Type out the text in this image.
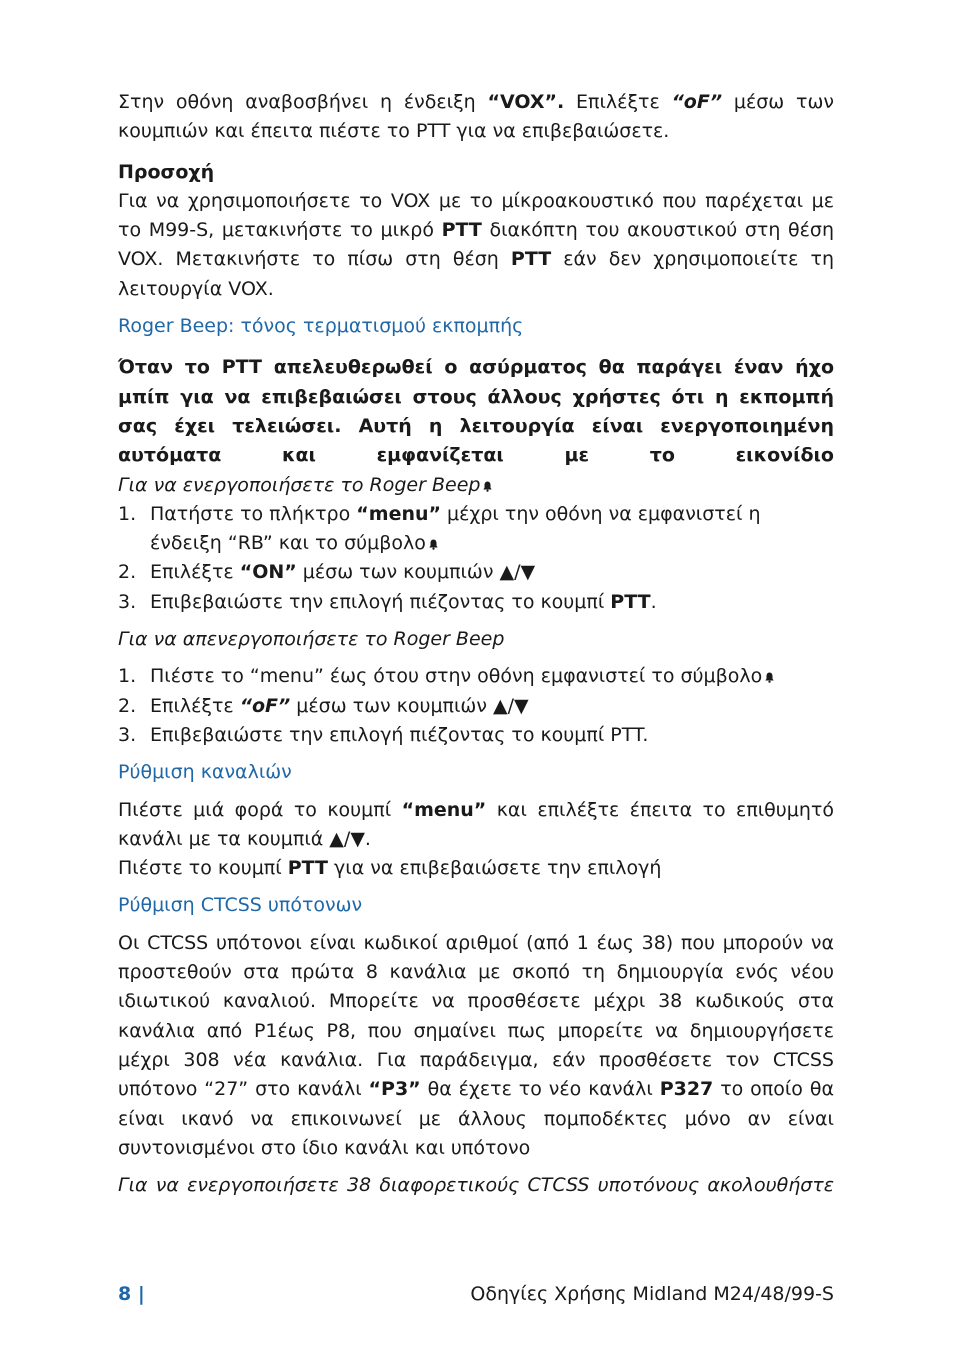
Στην οθόνη αναβοσβήνει η ένδειξη “VOX”. Επιλέξτε “oF” μέσω των κουμπιών και έπειτα πιέστε το PTT για να επιβεβαιώσετε.

Προσοχή

Για να χρησιμοποιήσετε το VOX με το μίκροακουστικό που παρέχεται με το M99-S, μετακινήστε το μικρό PTT διακόπτη του ακουστικού στη θέση VOX. Μετακινήστε το πίσω στη θέση PTT εάν δεν χρησιμοποιείτε τη λειτουργία VOX.

Roger Beep: τόνος τερματισμού εκπομπής

Όταν το PTT απελευθερωθεί ο ασύρματος θα παράγει έναν ήχο μπίπ για να επιβεβαιώσει στους άλλους χρήστες ότι η εκπομπή σας έχει τελειώσει. Αυτή η λειτουργία είναι ενεργοποιημένη αυτόματα και εμφανίζεται με το εικονίδιο

Για να ενεργοποιήσετε το Roger Beep

1. Πατήστε το πλήκτρο “menu” μέχρι την οθόνη να εμφανιστεί η ένδειξη “RB” και το σύμβολο
2. Επιλέξτε “ON” μέσω των κουμπιών ▲/▼
3. Επιβεβαιώστε την επιλογή πιέζοντας το κουμπί PTT.

Για να απενεργοποιήσετε το Roger Beep

1. Πιέστε το “menu” έως ότου στην οθόνη εμφανιστεί το σύμβολο
2. Επιλέξτε “oF” μέσω των κουμπιών ▲/▼
3. Επιβεβαιώστε την επιλογή πιέζοντας το κουμπί PTT.

Ρύθμιση καναλιών

Πιέστε μιά φορά το κουμπί “menu” και επιλέξτε έπειτα το επιθυμητό κανάλι με τα κουμπιά ▲/▼.

Πιέστε το κουμπί PTT για να επιβεβαιώσετε την επιλογή

Ρύθμιση CTCSS υπότονων

Οι CTCSS υπότονοι είναι κωδικοί αριθμοί (από 1 έως 38) που μπορούν να προστεθούν στα πρώτα 8 κανάλια με σκοπό τη δημιουργία ενός νέου ιδιωτικού καναλιού. Μπορείτε να προσθέσετε μέχρι 38 κωδικούς στα κανάλια από P1έως P8, που σημαίνει πως μπορείτε να δημιουργήσετε μέχρι 308 νέα κανάλια. Για παράδειγμα, εάν προσθέσετε τον CTCSS υπότονο “27” στο κανάλι “P3” θα έχετε το νέο κανάλι P327 το οποίο θα είναι ικανό να επικοινωνεί με άλλους πομποδέκτες μόνο αν είναι συντονισμένοι στο ίδιο κανάλι και υπότονο

Για να ενεργοποιήσετε 38 διαφορετικούς CTCSS υποτόνους ακολουθήστε

8 |	Οδηγίες Χρήσης Midland M24/48/99-S
